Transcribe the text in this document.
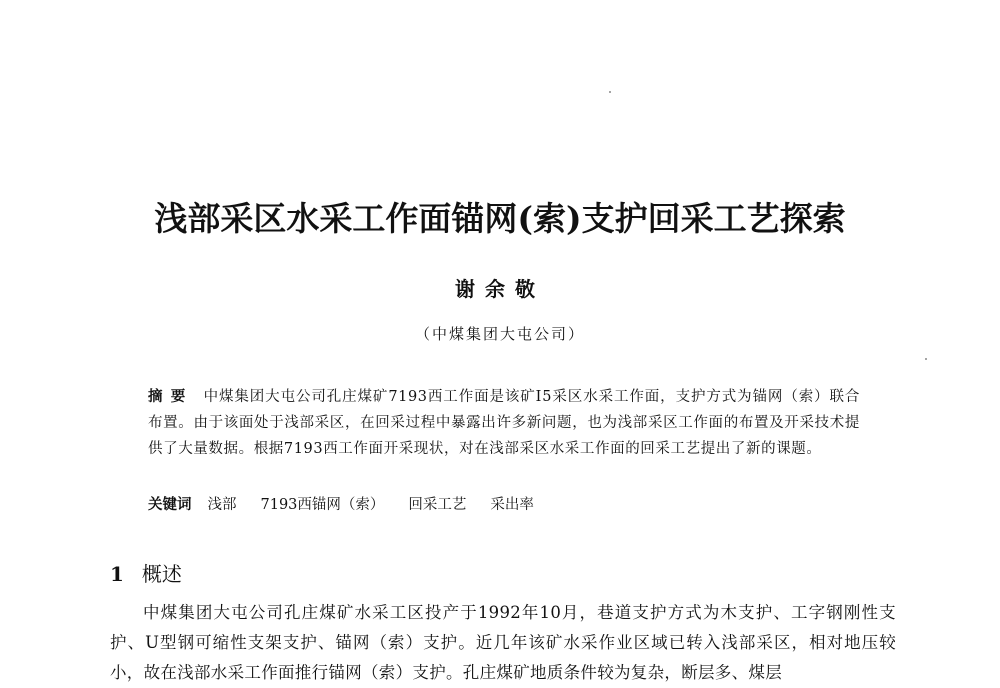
浅部采区水采工作面锚网(索)支护回采工艺探索
谢余敬
（中煤集团大屯公司）
摘要 中煤集团大屯公司孔庄煤矿7193西工作面是该矿Ⅰ5采区水采工作面，支护方式为锚网（索）联合布置。由于该面处于浅部采区，在回采过程中暴露出许多新问题，也为浅部采区工作面的布置及开采技术提供了大量数据。根据7193西工作面开采现状，对在浅部采区水采工作面的回采工艺提出了新的课题。
关键词 浅部 7193西锚网（索） 回采工艺 采出率
1 概述
中煤集团大屯公司孔庄煤矿水采工区投产于1992年10月，巷道支护方式为木支护、工字钢刚性支护、U型钢可缩性支架支护、锚网（索）支护。近几年该矿水采作业区域已转入浅部采区，相对地压较小，故在浅部水采工作面推行锚网（索）支护。孔庄煤矿地质条件较为复杂，断层多、煤层
